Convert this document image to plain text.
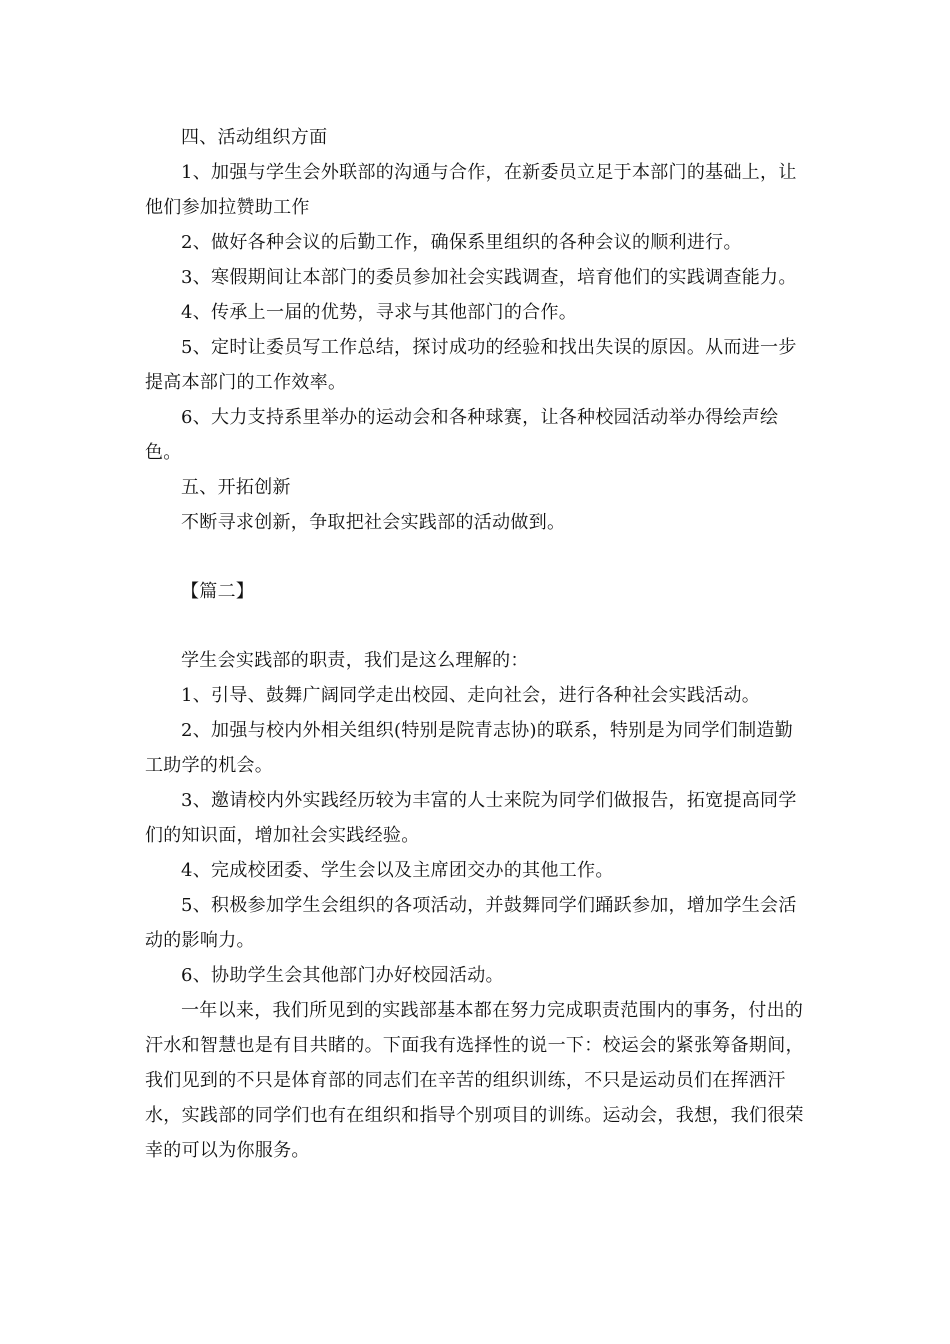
四、活动组织方面

1、加强与学生会外联部的沟通与合作，在新委员立足于本部门的基础上，让他们参加拉赞助工作

2、做好各种会议的后勤工作，确保系里组织的各种会议的顺利进行。

3、寒假期间让本部门的委员参加社会实践调查，培育他们的实践调查能力。

4、传承上一届的优势，寻求与其他部门的合作。

5、定时让委员写工作总结，探讨成功的经验和找出失误的原因。从而进一步提高本部门的工作效率。

6、大力支持系里举办的运动会和各种球赛，让各种校园活动举办得绘声绘色。

五、开拓创新

不断寻求创新，争取把社会实践部的活动做到。

【篇二】

学生会实践部的职责，我们是这么理解的：

1、引导、鼓舞广阔同学走出校园、走向社会，进行各种社会实践活动。

2、加强与校内外相关组织(特别是院青志协)的联系，特别是为同学们制造勤工助学的机会。

3、邀请校内外实践经历较为丰富的人士来院为同学们做报告，拓宽提高同学们的知识面，增加社会实践经验。

4、完成校团委、学生会以及主席团交办的其他工作。

5、积极参加学生会组织的各项活动，并鼓舞同学们踊跃参加，增加学生会活动的影响力。

6、协助学生会其他部门办好校园活动。

一年以来，我们所见到的实践部基本都在努力完成职责范围内的事务，付出的汗水和智慧也是有目共睹的。下面我有选择性的说一下：校运会的紧张筹备期间，我们见到的不只是体育部的同志们在辛苦的组织训练，不只是运动员们在挥洒汗水，实践部的同学们也有在组织和指导个别项目的训练。运动会，我想，我们很荣幸的可以为你服务。
